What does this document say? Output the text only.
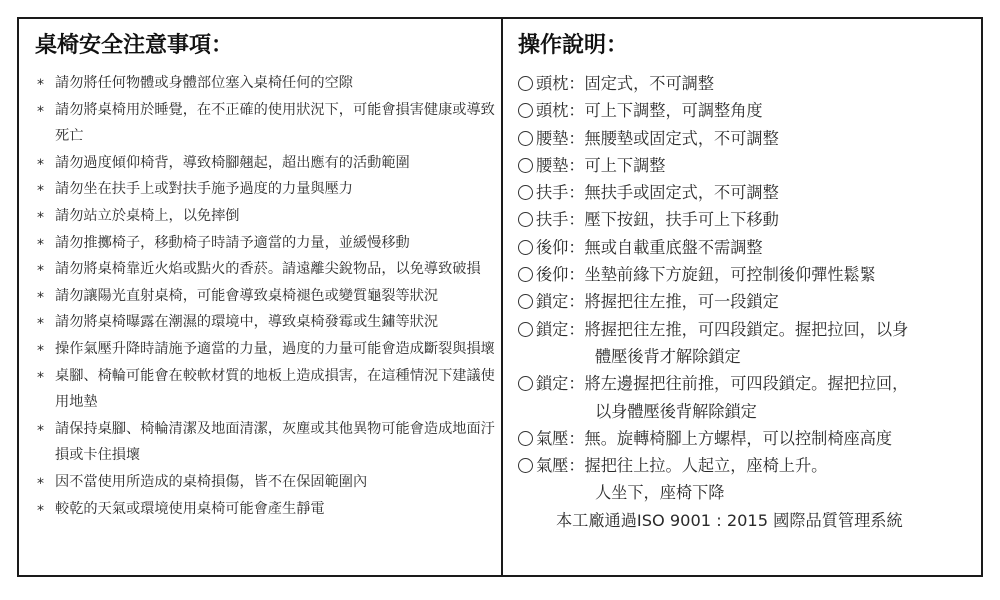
桌椅安全注意事項：
* 請勿將任何物體或身體部位塞入桌椅任何的空隙
* 請勿將桌椅用於睡覺，在不正確的使用狀況下，可能會損害健康或導致死亡
* 請勿過度傾仰椅背，導致椅腳翹起，超出應有的活動範圍
* 請勿坐在扶手上或對扶手施予過度的力量與壓力
* 請勿站立於桌椅上，以免摔倒
* 請勿推擲椅子，移動椅子時請予適當的力量，並緩慢移動
* 請勿將桌椅靠近火焰或點火的香菸。請遠離尖銳物品，以免導致破損
* 請勿讓陽光直射桌椅，可能會導致桌椅褪色或變質龜裂等狀況
* 請勿將桌椅曝露在潮濕的環境中，導致桌椅發霉或生鏽等狀況
* 操作氣壓升降時請施予適當的力量，過度的力量可能會造成斷裂與損壞
* 桌腳、椅輪可能會在較軟材質的地板上造成損害，在這種情況下建議使用地墊
* 請保持桌腳、椅輪清潔及地面清潔，灰塵或其他異物可能會造成地面汙損或卡住損壞
* 因不當使用所造成的桌椅損傷，皆不在保固範圍內
* 較乾的天氣或環境使用桌椅可能會產生靜電
操作說明：
頭枕：固定式，不可調整
頭枕：可上下調整，可調整角度
腰墊：無腰墊或固定式，不可調整
腰墊：可上下調整
扶手：無扶手或固定式，不可調整
扶手：壓下按鈕，扶手可上下移動
後仰：無或自載重底盤不需調整
後仰：坐墊前緣下方旋鈕，可控制後仰彈性鬆緊
鎖定：將握把往左推，可一段鎖定
鎖定：將握把往左推，可四段鎖定。握把拉回，以身
體壓後背才解除鎖定
鎖定：將左邊握把往前推，可四段鎖定。握把拉回，
以身體壓後背解除鎖定
氣壓：無。旋轉椅腳上方螺桿，可以控制椅座高度
氣壓：握把往上拉。人起立，座椅上升。
人坐下，座椅下降
本工廠通過ISO 9001 : 2015 國際品質管理系統
